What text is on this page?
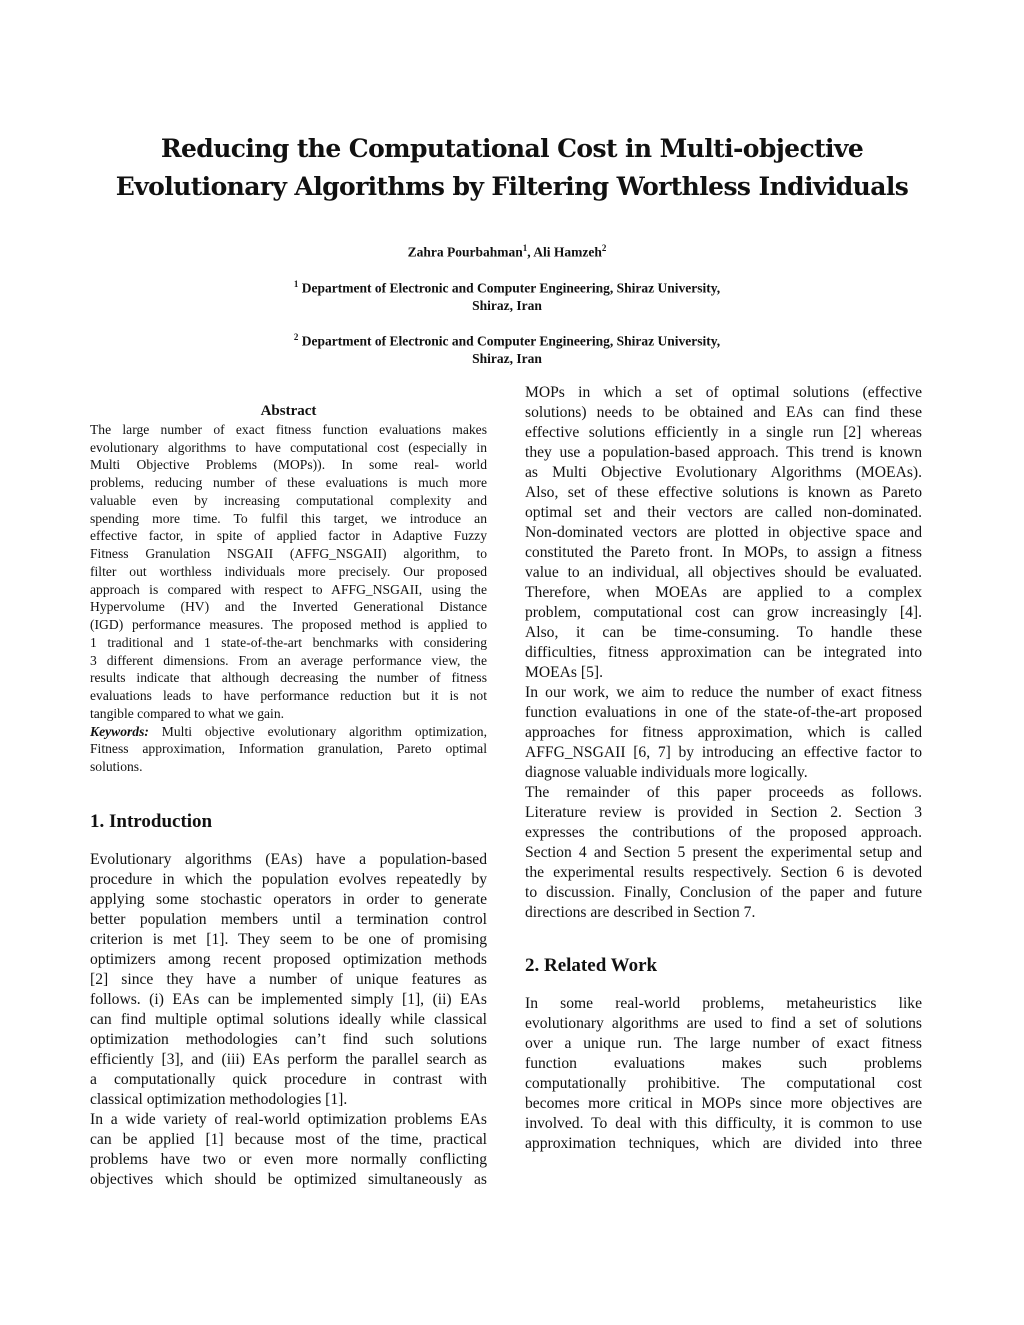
Reducing the Computational Cost in Multi-objective
Evolutionary Algorithms by Filtering Worthless Individuals
Zahra Pourbahman$^1$, Ali Hamzeh$^2$
$^1$ Department of Electronic and Computer Engineering, Shiraz University,
Shiraz, Iran
$^2$ Department of Electronic and Computer Engineering, Shiraz University,
Shiraz, Iran
Abstract
The large number of exact fitness function evaluations makes
evolutionary algorithms to have computational cost (especially in
Multi Objective Problems (MOPs)). In some real- world
problems, reducing number of these evaluations is much more
valuable even by increasing computational complexity and
spending more time. To fulfil this target, we introduce an
effective factor, in spite of applied factor in Adaptive Fuzzy
Fitness Granulation NSGAII (AFFG_NSGAII) algorithm, to
filter out worthless individuals more precisely. Our proposed
approach is compared with respect to AFFG_NSGAII, using the
Hypervolume (HV) and the Inverted Generational Distance
(IGD) performance measures. The proposed method is applied to
1 traditional and 1 state-of-the-art benchmarks with considering
3 different dimensions. From an average performance view, the
results indicate that although decreasing the number of fitness
evaluations leads to have performance reduction but it is not
tangible compared to what we gain.
Keywords: Multi objective evolutionary algorithm optimization,
Fitness approximation, Information granulation, Pareto optimal
solutions.
1. Introduction
Evolutionary algorithms (EAs) have a population-based
procedure in which the population evolves repeatedly by
applying some stochastic operators in order to generate
better population members until a termination control
criterion is met [1]. They seem to be one of promising
optimizers among recent proposed optimization methods
[2] since they have a number of unique features as
follows. (i) EAs can be implemented simply [1], (ii) EAs
can find multiple optimal solutions ideally while classical
optimization methodologies can’t find such solutions
efficiently [3], and (iii) EAs perform the parallel search as
a computationally quick procedure in contrast with
classical optimization methodologies [1].
In a wide variety of real-world optimization problems EAs
can be applied [1] because most of the time, practical
problems have two or even more normally conflicting
objectives which should be optimized simultaneously as
MOPs in which a set of optimal solutions (effective
solutions) needs to be obtained and EAs can find these
effective solutions efficiently in a single run [2] whereas
they use a population-based approach. This trend is known
as Multi Objective Evolutionary Algorithms (MOEAs).
Also, set of these effective solutions is known as Pareto
optimal set and their vectors are called non-dominated.
Non-dominated vectors are plotted in objective space and
constituted the Pareto front. In MOPs, to assign a fitness
value to an individual, all objectives should be evaluated.
Therefore, when MOEAs are applied to a complex
problem, computational cost can grow increasingly [4].
Also, it can be time-consuming. To handle these
difficulties, fitness approximation can be integrated into
MOEAs [5].
In our work, we aim to reduce the number of exact fitness
function evaluations in one of the state-of-the-art proposed
approaches for fitness approximation, which is called
AFFG_NSGAII [6, 7] by introducing an effective factor to
diagnose valuable individuals more logically.
The remainder of this paper proceeds as follows.
Literature review is provided in Section 2. Section 3
expresses the contributions of the proposed approach.
Section 4 and Section 5 present the experimental setup and
the experimental results respectively. Section 6 is devoted
to discussion. Finally, Conclusion of the paper and future
directions are described in Section 7.
2. Related Work
In some real-world problems, metaheuristics like
evolutionary algorithms are used to find a set of solutions
over a unique run. The large number of exact fitness
function evaluations makes such problems
computationally prohibitive. The computational cost
becomes more critical in MOPs since more objectives are
involved. To deal with this difficulty, it is common to use
approximation techniques, which are divided into three
